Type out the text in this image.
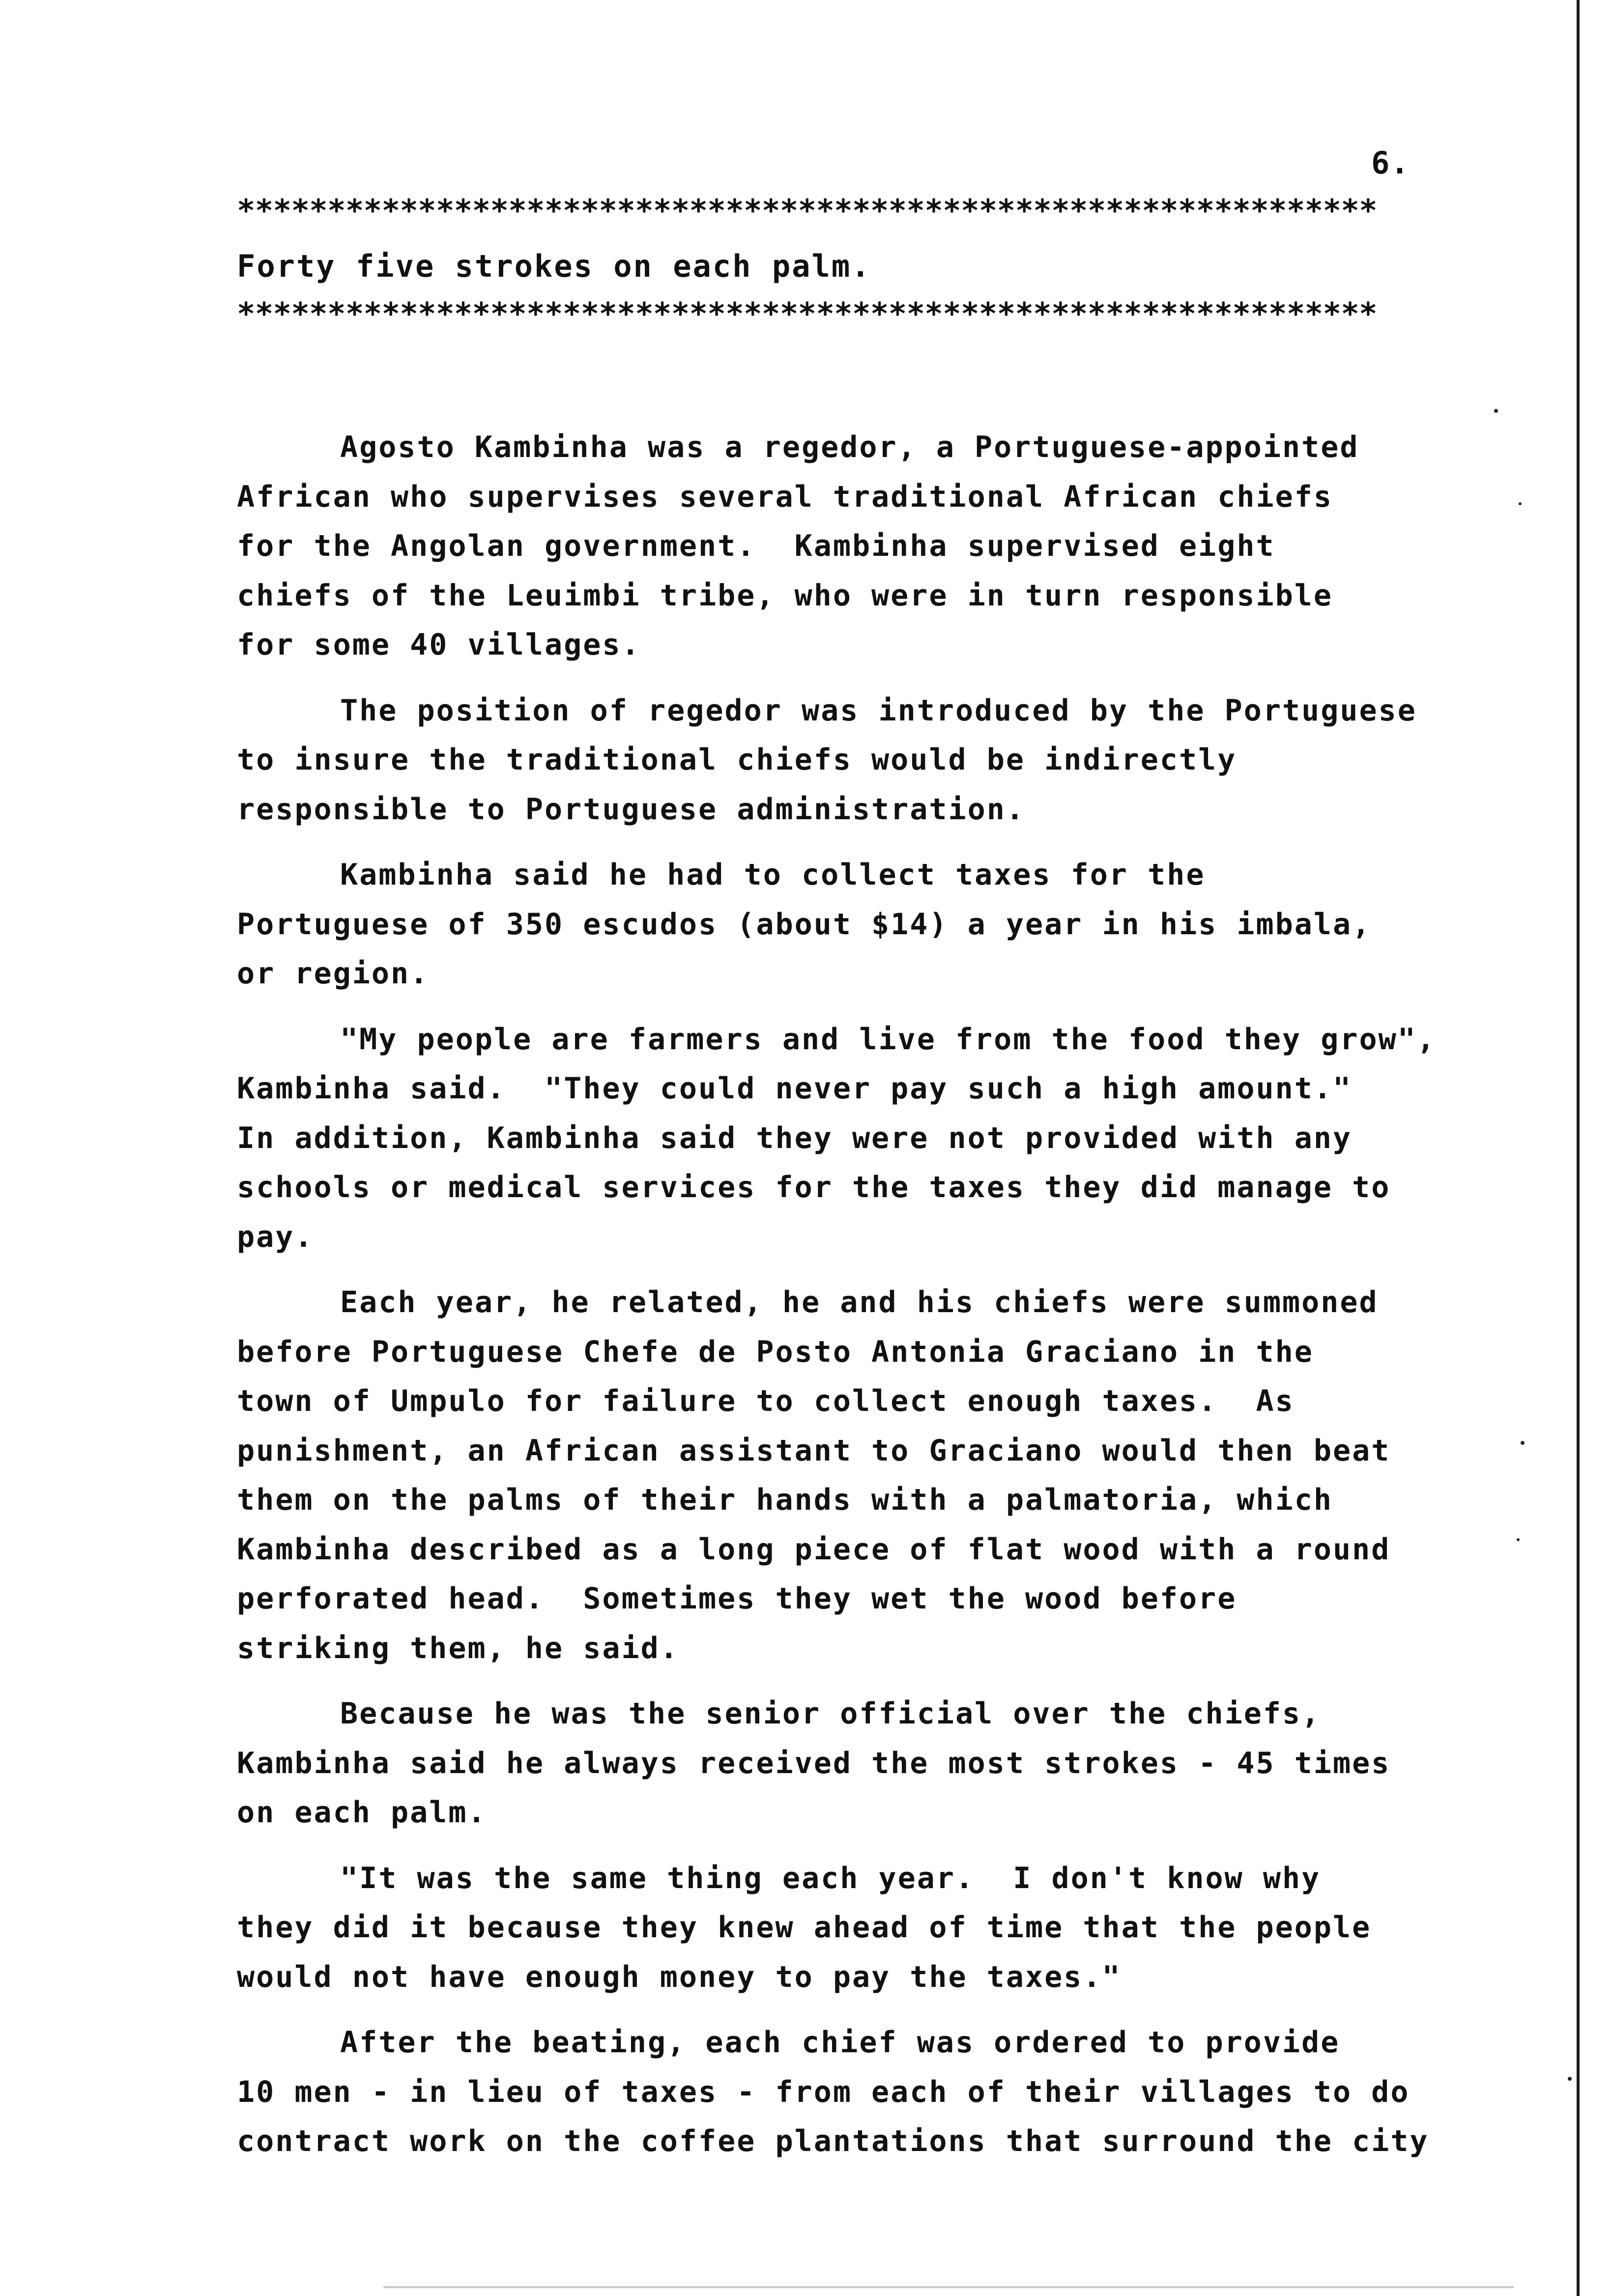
6.
***************************************************************
Forty five strokes on each palm.
***************************************************************
Agosto Kambinha was a regedor, a Portuguese-appointed
African who supervises several traditional African chiefs
for the Angolan government.  Kambinha supervised eight
chiefs of the Leuimbi tribe, who were in turn responsible
for some 40 villages.
The position of regedor was introduced by the Portuguese
to insure the traditional chiefs would be indirectly
responsible to Portuguese administration.
Kambinha said he had to collect taxes for the
Portuguese of 350 escudos (about $14) a year in his imbala,
or region.
"My people are farmers and live from the food they grow",
Kambinha said.  "They could never pay such a high amount."
In addition, Kambinha said they were not provided with any
schools or medical services for the taxes they did manage to
pay.
Each year, he related, he and his chiefs were summoned
before Portuguese Chefe de Posto Antonia Graciano in the
town of Umpulo for failure to collect enough taxes.  As
punishment, an African assistant to Graciano would then beat
them on the palms of their hands with a palmatoria, which
Kambinha described as a long piece of flat wood with a round
perforated head.  Sometimes they wet the wood before
striking them, he said.
Because he was the senior official over the chiefs,
Kambinha said he always received the most strokes - 45 times
on each palm.
"It was the same thing each year.  I don't know why
they did it because they knew ahead of time that the people
would not have enough money to pay the taxes."
After the beating, each chief was ordered to provide
10 men - in lieu of taxes - from each of their villages to do
contract work on the coffee plantations that surround the city
